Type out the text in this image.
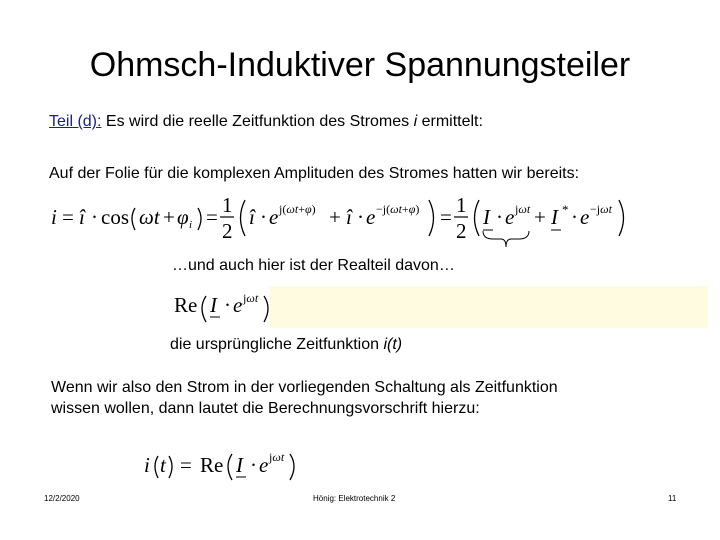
Ohmsch-Induktiver Spannungsteiler
Teil (d): Es wird die reelle Zeitfunktion des Stromes i ermittelt:
Auf der Folie für die komplexen Amplituden des Stromes hatten wir bereits:
i = î · cos ωt + φ i = 1
2
î · e j(ωt+φ) + î · e −j(ωt+φ) = 1
2
I · e jωt + I * · e −jωt
…und auch hier ist der Realteil davon…
Re I · e jωt
die ursprüngliche Zeitfunktion i(t)
Wenn wir also den Strom in der vorliegenden Schaltung als Zeitfunktion
wissen wollen, dann lautet die Berechnungsvorschrift hierzu:
i t = Re I · e jωt
12/2/2020	Hönig: Elektrotechnik 2	11
